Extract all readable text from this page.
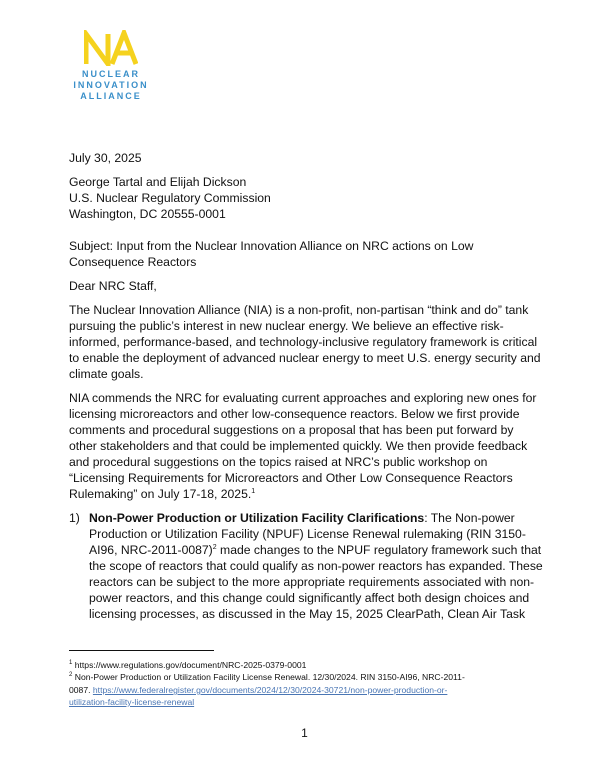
NUCLEAR
INNOVATION
ALLIANCE
July 30, 2025
George Tartal and Elijah Dickson
U.S. Nuclear Regulatory Commission
Washington, DC 20555-0001
Subject: Input from the Nuclear Innovation Alliance on NRC actions on Low
Consequence Reactors
Dear NRC Staff,
The Nuclear Innovation Alliance (NIA) is a non-profit, non-partisan “think and do” tank
pursuing the public’s interest in new nuclear energy. We believe an effective risk-
informed, performance-based, and technology-inclusive regulatory framework is critical
to enable the deployment of advanced nuclear energy to meet U.S. energy security and
climate goals.
NIA commends the NRC for evaluating current approaches and exploring new ones for
licensing microreactors and other low-consequence reactors. Below we first provide
comments and procedural suggestions on a proposal that has been put forward by
other stakeholders and that could be implemented quickly. We then provide feedback
and procedural suggestions on the topics raised at NRC’s public workshop on
“Licensing Requirements for Microreactors and Other Low Consequence Reactors
Rulemaking” on July 17-18, 2025.$^1$
1) Non-Power Production or Utilization Facility Clarifications: The Non-power
Production or Utilization Facility (NPUF) License Renewal rulemaking (RIN 3150-
AI96, NRC-2011-0087)$^2$ made changes to the NPUF regulatory framework such that
the scope of reactors that could qualify as non-power reactors has expanded. These
reactors can be subject to the more appropriate requirements associated with non-
power reactors, and this change could significantly affect both design choices and
licensing processes, as discussed in the May 15, 2025 ClearPath, Clean Air Task
$^1$ https://www.regulations.gov/document/NRC-2025-0379-0001
$^2$ Non-Power Production or Utilization Facility License Renewal. 12/30/2024. RIN 3150-AI96, NRC-2011-
0087. https://www.federalregister.gov/documents/2024/12/30/2024-30721/non-power-production-or-
utilization-facility-license-renewal
1
